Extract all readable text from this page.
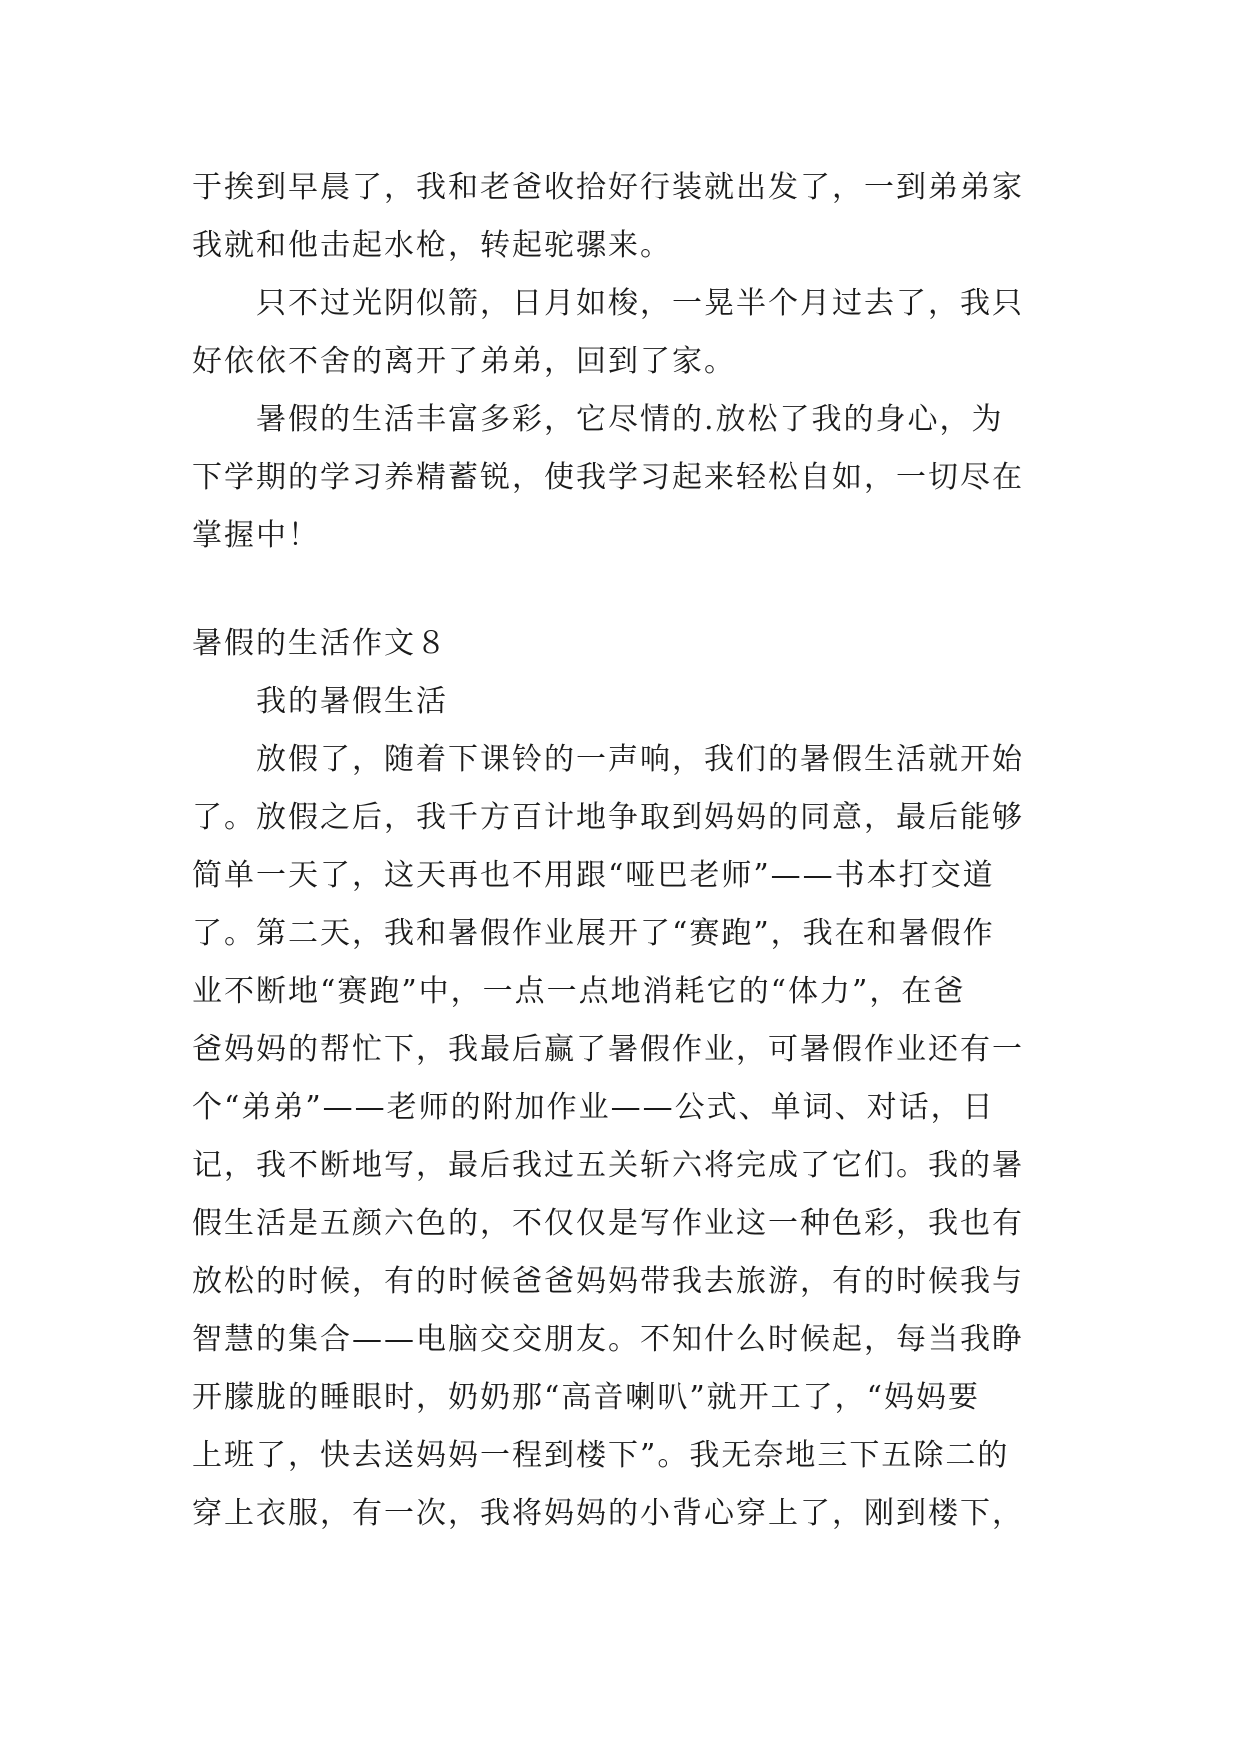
于挨到早晨了，我和老爸收拾好行装就出发了，一到弟弟家
我就和他击起水枪，转起驼骡来。
只不过光阴似箭，日月如梭，一晃半个月过去了，我只
好依依不舍的离开了弟弟，回到了家。
暑假的生活丰富多彩，它尽情的.放松了我的身心，为
下学期的学习养精蓄锐，使我学习起来轻松自如，一切尽在
掌握中！
暑假的生活作文８
我的暑假生活
放假了，随着下课铃的一声响，我们的暑假生活就开始
了。放假之后，我千方百计地争取到妈妈的同意，最后能够
简单一天了，这天再也不用跟“哑巴老师”——书本打交道
了。第二天，我和暑假作业展开了“赛跑”，我在和暑假作
业不断地“赛跑”中，一点一点地消耗它的“体力”，在爸
爸妈妈的帮忙下，我最后赢了暑假作业，可暑假作业还有一
个“弟弟”——老师的附加作业——公式、单词、对话，日
记，我不断地写，最后我过五关斩六将完成了它们。我的暑
假生活是五颜六色的，不仅仅是写作业这一种色彩，我也有
放松的时候，有的时候爸爸妈妈带我去旅游，有的时候我与
智慧的集合——电脑交交朋友。不知什么时候起，每当我睁
开朦胧的睡眼时，奶奶那“高音喇叭”就开工了，“妈妈要
上班了，快去送妈妈一程到楼下”。我无奈地三下五除二的
穿上衣服，有一次，我将妈妈的小背心穿上了，刚到楼下，
